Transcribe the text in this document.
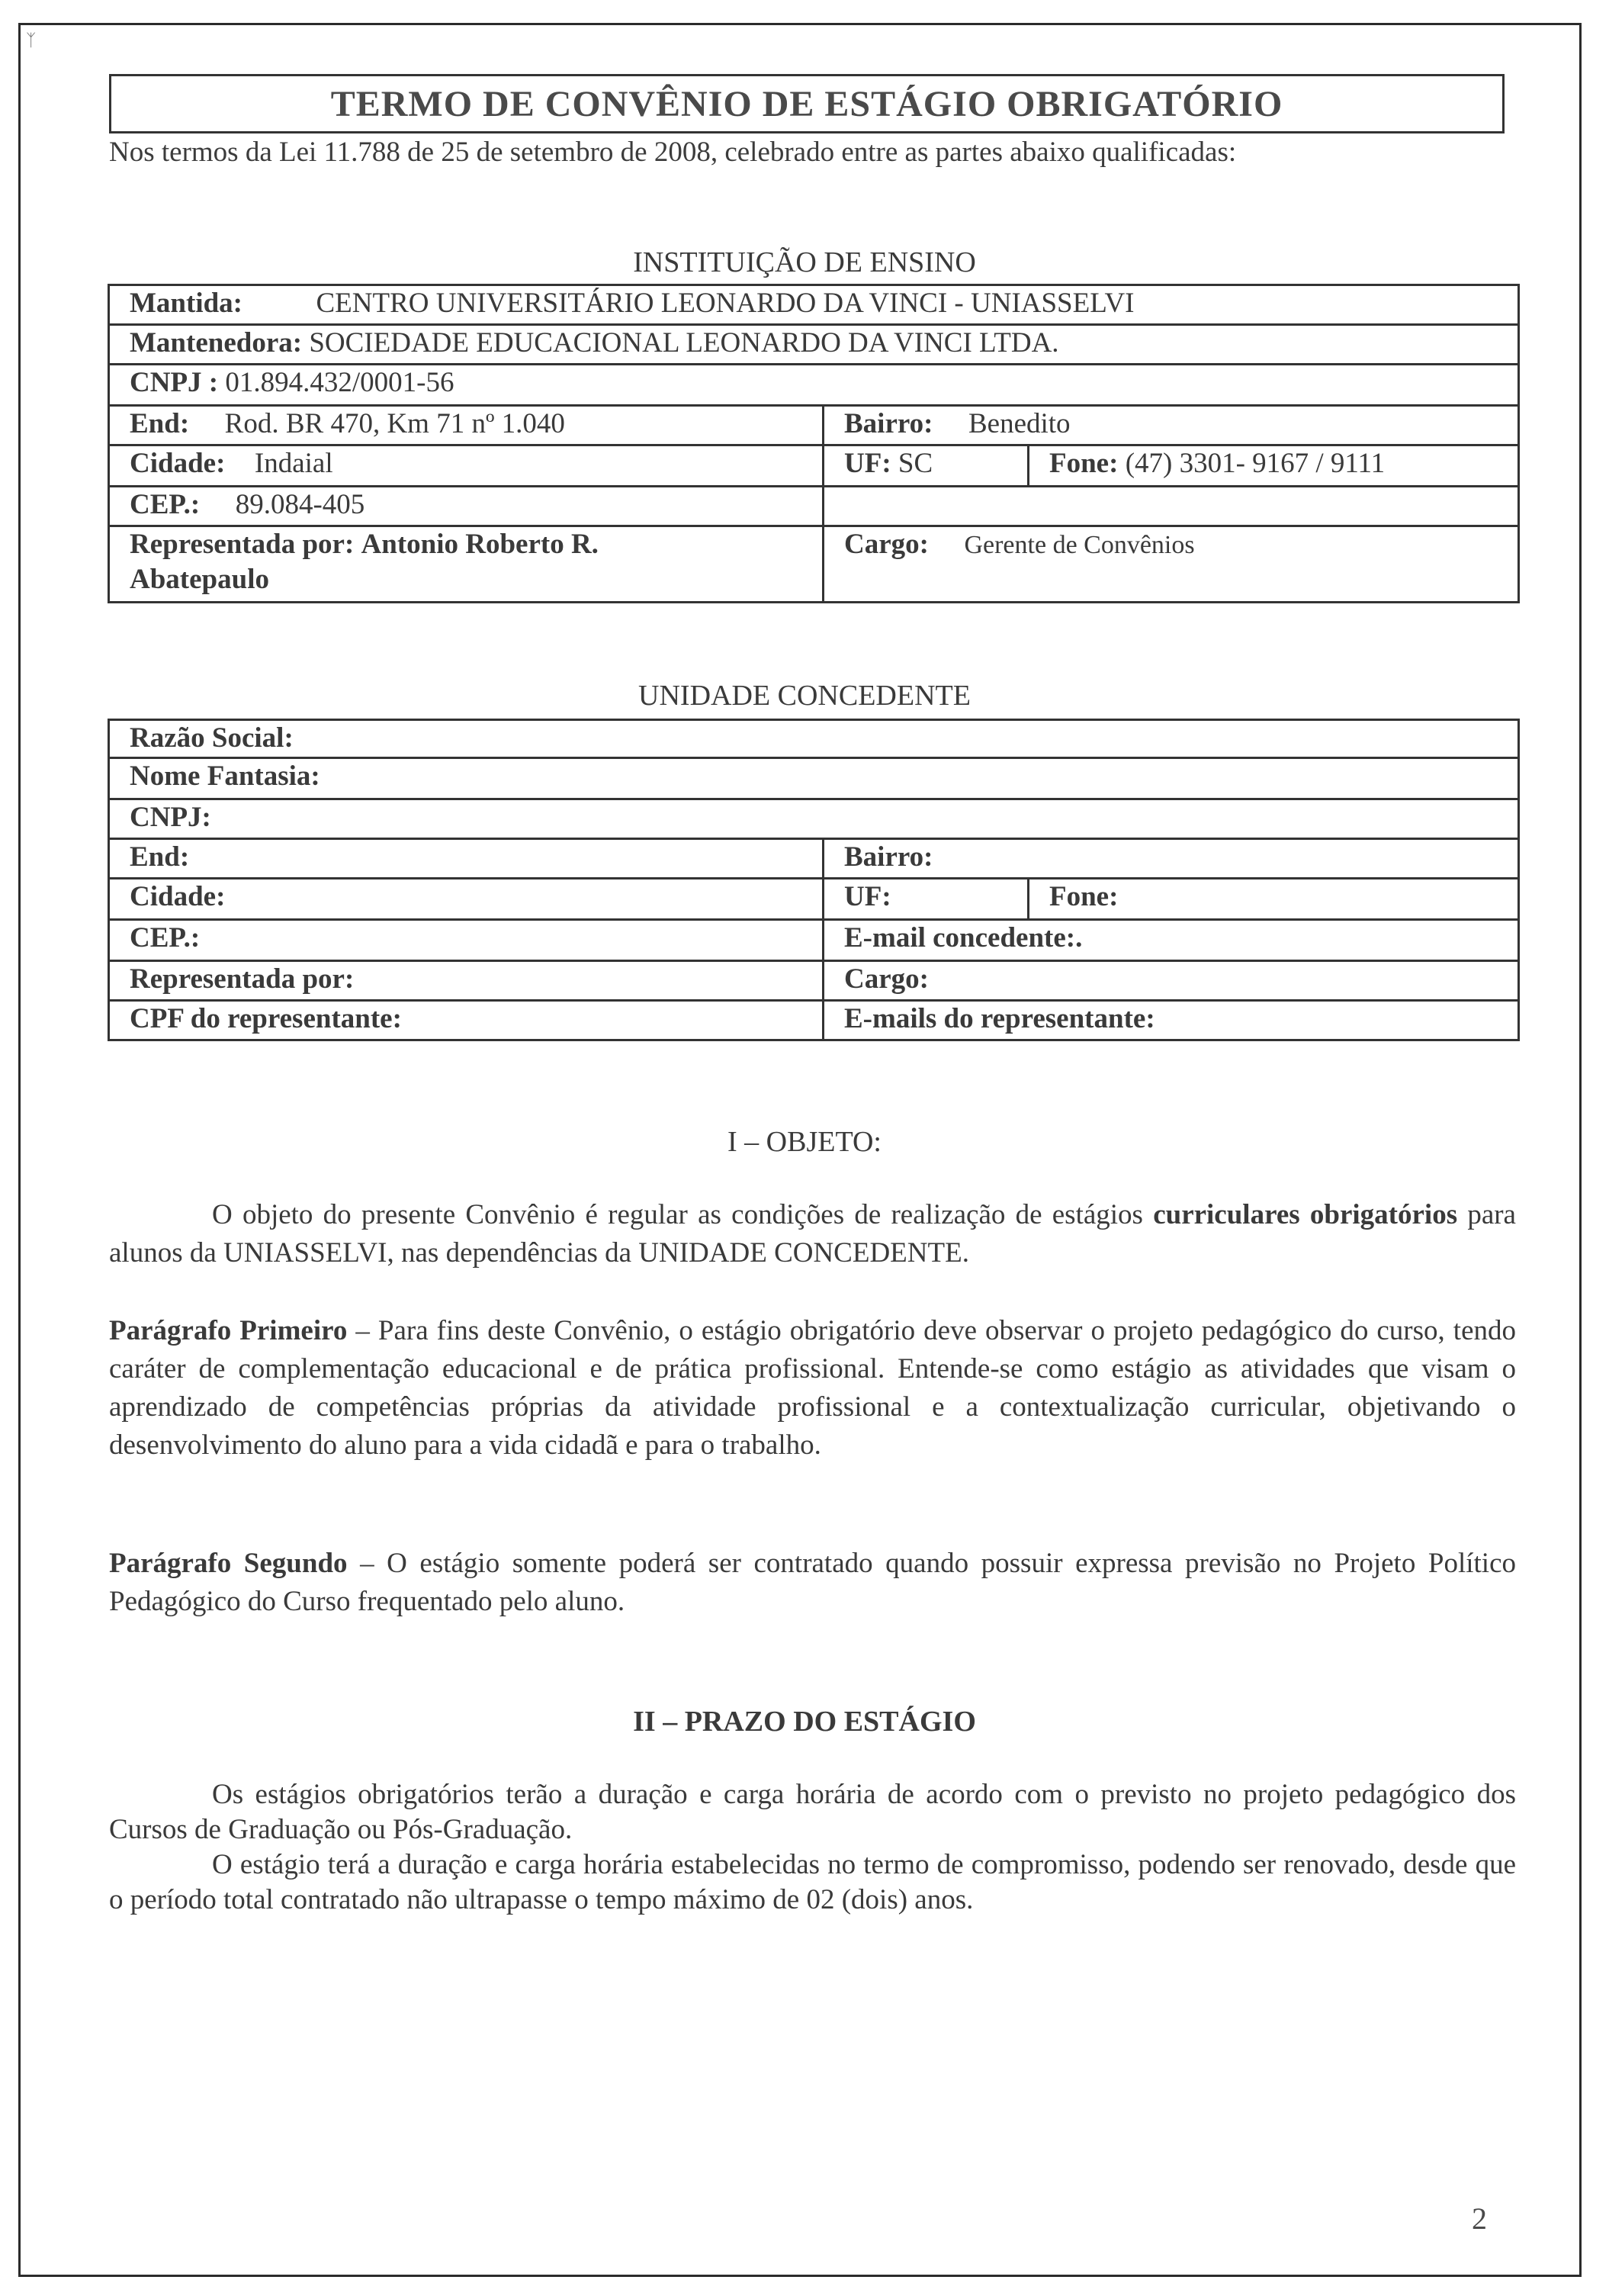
ᛉ
TERMO DE CONVÊNIO DE ESTÁGIO OBRIGATÓRIO
Nos termos da Lei 11.788 de 25 de setembro de 2008, celebrado entre as partes abaixo qualificadas:
INSTITUIÇÃO DE ENSINO
Mantida: CENTRO UNIVERSITÁRIO LEONARDO DA VINCI - UNIASSELVI		
Mantenedora: SOCIEDADE EDUCACIONAL LEONARDO DA VINCI LTDA.		
CNPJ : 01.894.432/0001-56		
End: Rod. BR 470, Km 71 nº 1.040	Bairro: Benedito	
Cidade: Indaial	UF: SC	Fone: (47) 3301- 9167 / 9111
CEP.: 89.084-405		
Representada por: Antonio Roberto R.
Abatepaulo	Cargo: Gerente de Convênios	
UNIDADE CONCEDENTE
Razão Social:		
Nome Fantasia:		
CNPJ:		
End:	Bairro:	
Cidade:	UF:	Fone:
CEP.:	E-mail concedente:.	
Representada por:	Cargo:	
CPF do representante:	E-mails do representante:	
I – OBJETO:
O objeto do presente Convênio é regular as condições de realização de estágios curriculares obrigatórios para alunos da UNIASSELVI, nas dependências da UNIDADE CONCEDENTE.
Parágrafo Primeiro – Para fins deste Convênio, o estágio obrigatório deve observar o projeto pedagógico do curso, tendo caráter de complementação educacional e de prática profissional. Entende-se como estágio as atividades que visam o aprendizado de competências próprias da atividade profissional e a contextualização curricular, objetivando o desenvolvimento do aluno para a vida cidadã e para o trabalho.
Parágrafo Segundo – O estágio somente poderá ser contratado quando possuir expressa previsão no Projeto Político Pedagógico do Curso frequentado pelo aluno.
II – PRAZO DO ESTÁGIO
Os estágios obrigatórios terão a duração e carga horária de acordo com o previsto no projeto pedagógico dos Cursos de Graduação ou Pós-Graduação.
O estágio terá a duração e carga horária estabelecidas no termo de compromisso, podendo ser renovado, desde que o período total contratado não ultrapasse o tempo máximo de 02 (dois) anos.
2
